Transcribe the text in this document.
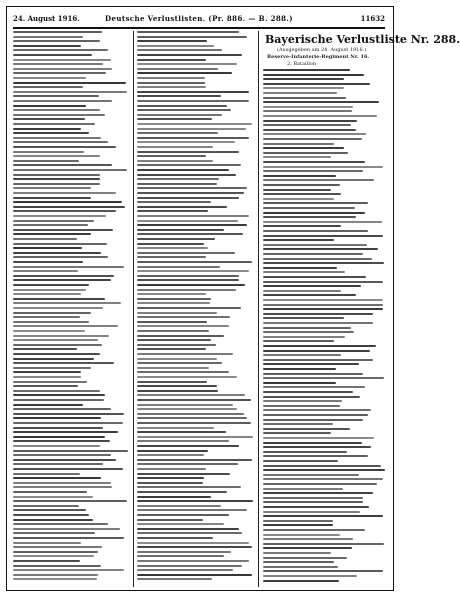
24. August 1916.	Deutsche Verlustlisten. (Pr. 886. — B. 288.)	11632
Bayerische Verlustliste Nr. 288.
(Ausgegeben am 24. August 1916.)
Reserve-Infanterie-Regiment Nr. 16.
2. Bataillon
